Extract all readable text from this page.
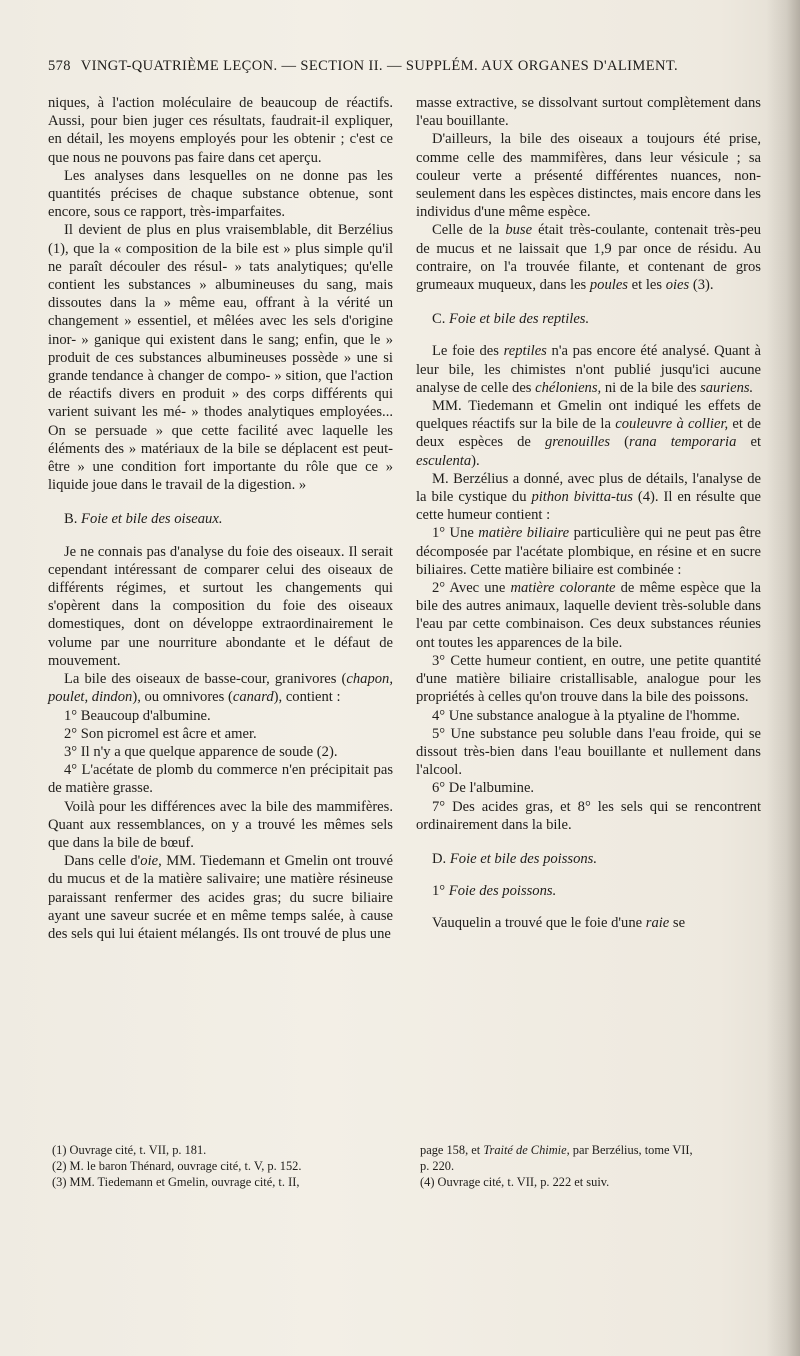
578 VINGT-QUATRIÈME LEÇON. — SECTION II. — SUPPLÉM. AUX ORGANES D'ALIMENT.

niques, à l'action moléculaire de beaucoup de réactifs. Aussi, pour bien juger ces résultats, faudrait-il expliquer, en détail, les moyens employés pour les obtenir ; c'est ce que nous ne pouvons pas faire dans cet aperçu.

Les analyses dans lesquelles on ne donne pas les quantités précises de chaque substance obtenue, sont encore, sous ce rapport, très-imparfaites.

Il devient de plus en plus vraisemblable, dit Berzélius (1), que la « composition de la bile est » plus simple qu'il ne paraît découler des résul- » tats analytiques; qu'elle contient les substances » albumineuses du sang, mais dissoutes dans la » même eau, offrant à la vérité un changement » essentiel, et mêlées avec les sels d'origine inor- » ganique qui existent dans le sang; enfin, que le » produit de ces substances albumineuses possède » une si grande tendance à changer de compo- » sition, que l'action de réactifs divers en produit » des corps différents qui varient suivant les mé- » thodes analytiques employées... On se persuade » que cette facilité avec laquelle les éléments des » matériaux de la bile se déplacent est peut-être » une condition fort importante du rôle que ce » liquide joue dans le travail de la digestion. »

B. Foie et bile des oiseaux.

Je ne connais pas d'analyse du foie des oiseaux. Il serait cependant intéressant de comparer celui des oiseaux de différents régimes, et surtout les changements qui s'opèrent dans la composition du foie des oiseaux domestiques, dont on développe extraordinairement le volume par une nourriture abondante et le défaut de mouvement.

La bile des oiseaux de basse-cour, granivores (chapon, poulet, dindon), ou omnivores (canard), contient :

1° Beaucoup d'albumine.

2° Son picromel est âcre et amer.

3° Il n'y a que quelque apparence de soude (2).

4° L'acétate de plomb du commerce n'en précipitait pas de matière grasse.

Voilà pour les différences avec la bile des mammifères. Quant aux ressemblances, on y a trouvé les mêmes sels que dans la bile de bœuf.

Dans celle d'oie, MM. Tiedemann et Gmelin ont trouvé du mucus et de la matière salivaire; une matière résineuse paraissant renfermer des acides gras; du sucre biliaire ayant une saveur sucrée et en même temps salée, à cause des sels qui lui étaient mélangés. Ils ont trouvé de plus une

masse extractive, se dissolvant surtout complètement dans l'eau bouillante.

D'ailleurs, la bile des oiseaux a toujours été prise, comme celle des mammifères, dans leur vésicule ; sa couleur verte a présenté différentes nuances, non-seulement dans les espèces distinctes, mais encore dans les individus d'une même espèce.

Celle de la buse était très-coulante, contenait très-peu de mucus et ne laissait que 1,9 par once de résidu. Au contraire, on l'a trouvée filante, et contenant de gros grumeaux muqueux, dans les poules et les oies (3).

C. Foie et bile des reptiles.

Le foie des reptiles n'a pas encore été analysé. Quant à leur bile, les chimistes n'ont publié jusqu'ici aucune analyse de celle des chéloniens, ni de la bile des sauriens.

MM. Tiedemann et Gmelin ont indiqué les effets de quelques réactifs sur la bile de la couleuvre à collier, et de deux espèces de grenouilles (rana temporaria et esculenta).

M. Berzélius a donné, avec plus de détails, l'analyse de la bile cystique du pithon bivitta-tus (4). Il en résulte que cette humeur contient :

1° Une matière biliaire particulière qui ne peut pas être décomposée par l'acétate plombique, en résine et en sucre biliaires. Cette matière biliaire est combinée :

2° Avec une matière colorante de même espèce que la bile des autres animaux, laquelle devient très-soluble dans l'eau par cette combinaison. Ces deux substances réunies ont toutes les apparences de la bile.

3° Cette humeur contient, en outre, une petite quantité d'une matière biliaire cristallisable, analogue pour les propriétés à celles qu'on trouve dans la bile des poissons.

4° Une substance analogue à la ptyaline de l'homme.

5° Une substance peu soluble dans l'eau froide, qui se dissout très-bien dans l'eau bouillante et nullement dans l'alcool.

6° De l'albumine.

7° Des acides gras, et 8° les sels qui se rencontrent ordinairement dans la bile.

D. Foie et bile des poissons.

1° Foie des poissons.

Vauquelin a trouvé que le foie d'une raie se

(1) Ouvrage cité, t. VII, p. 181.
(2) M. le baron Thénard, ouvrage cité, t. V, p. 152.
(3) MM. Tiedemann et Gmelin, ouvrage cité, t. II,
page 158, et Traité de Chimie, par Berzélius, tome VII,
p. 220.
(4) Ouvrage cité, t. VII, p. 222 et suiv.
